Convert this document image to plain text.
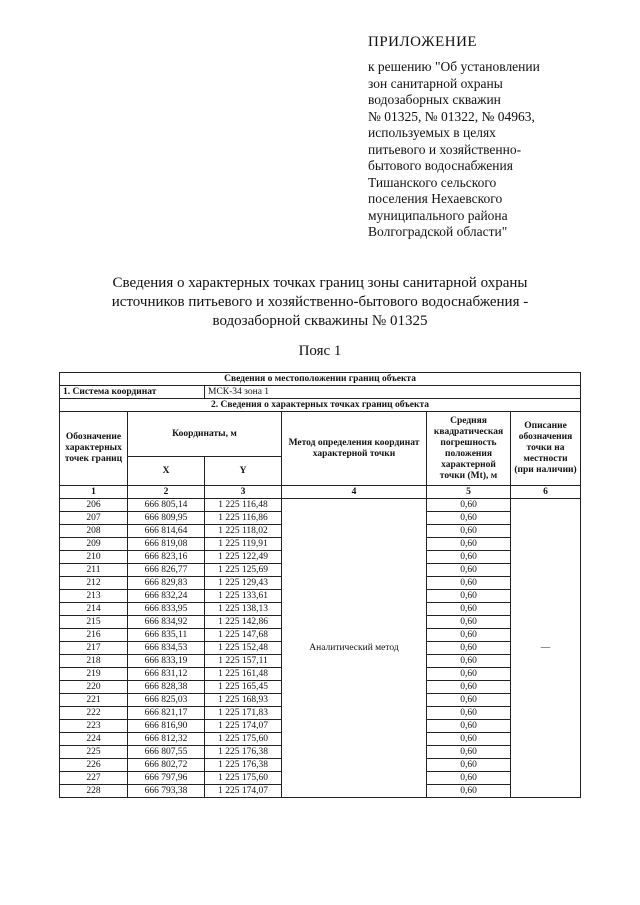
ПРИЛОЖЕНИЕ
к решению "Об установлении
зон санитарной охраны
водозаборных скважин
№ 01325, № 01322, № 04963,
используемых в целях
питьевого и хозяйственно-
бытового водоснабжения
Тишанского сельского
поселения Нехаевского
муниципального района
Волгоградской области"
Сведения о характерных точках границ зоны санитарной охраны
источников питьевого и хозяйственно-бытового водоснабжения -
водозаборной скважины № 01325
Пояс 1
Сведения о местоположении границ объекта					
1. Система координат		МСК-34 зона 1			
2. Сведения о характерных точках границ объекта					
Обозначение характерных точек границ	Координаты, м		Метод определения координат характерной точки	Средняя квадратическая погрешность положения характерной точки (Mt), м	Описание обозначения точки на местности (при наличии)
	X	Y			
1	2	3	4	5	6
206	666 805,14	1 225 116,48	Аналитический метод	0,60	—
207	666 809,95	1 225 116,86		0,60	
208	666 814,64	1 225 118,02		0,60	
209	666 819,08	1 225 119,91		0,60	
210	666 823,16	1 225 122,49		0,60	
211	666 826,77	1 225 125,69		0,60	
212	666 829,83	1 225 129,43		0,60	
213	666 832,24	1 225 133,61		0,60	
214	666 833,95	1 225 138,13		0,60	
215	666 834,92	1 225 142,86		0,60	
216	666 835,11	1 225 147,68		0,60	
217	666 834,53	1 225 152,48		0,60	
218	666 833,19	1 225 157,11		0,60	
219	666 831,12	1 225 161,48		0,60	
220	666 828,38	1 225 165,45		0,60	
221	666 825,03	1 225 168,93		0,60	
222	666 821,17	1 225 171,83		0,60	
223	666 816,90	1 225 174,07		0,60	
224	666 812,32	1 225 175,60		0,60	
225	666 807,55	1 225 176,38		0,60	
226	666 802,72	1 225 176,38		0,60	
227	666 797,96	1 225 175,60		0,60	
228	666 793,38	1 225 174,07		0,60	
